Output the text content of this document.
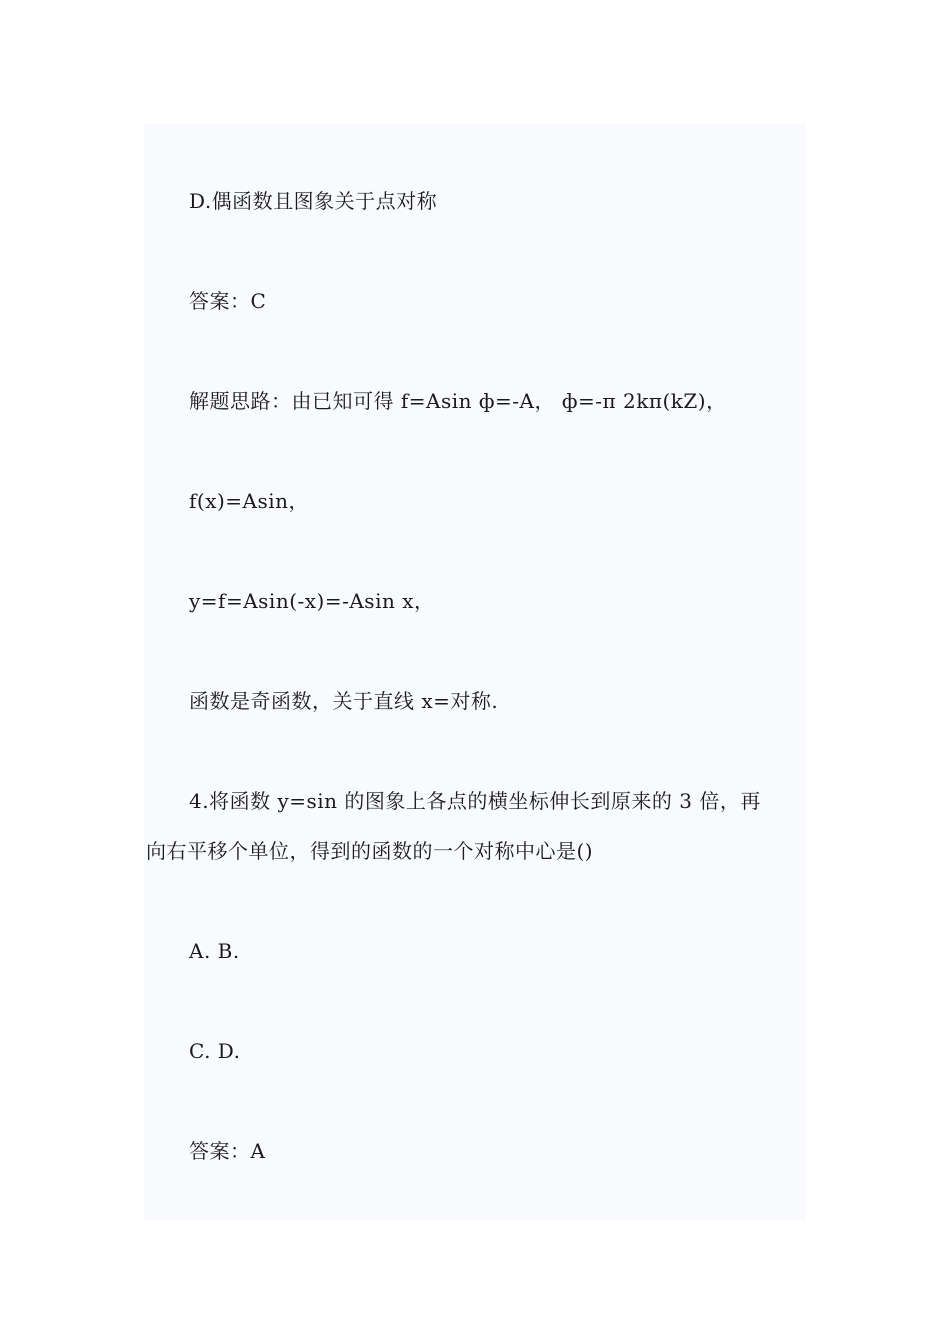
D.偶函数且图象关于点对称
答案：C
解题思路：由已知可得 f=Asin ф=-A， ф=-π 2kπ(kZ)，
f(x)=Asin，
y=f=Asin(-x)=-Asin x，
函数是奇函数，关于直线 x=对称.
4.将函数 y=sin 的图象上各点的横坐标伸长到原来的 3 倍，再
向右平移个单位，得到的函数的一个对称中心是()
A. B.
C. D.
答案：A
